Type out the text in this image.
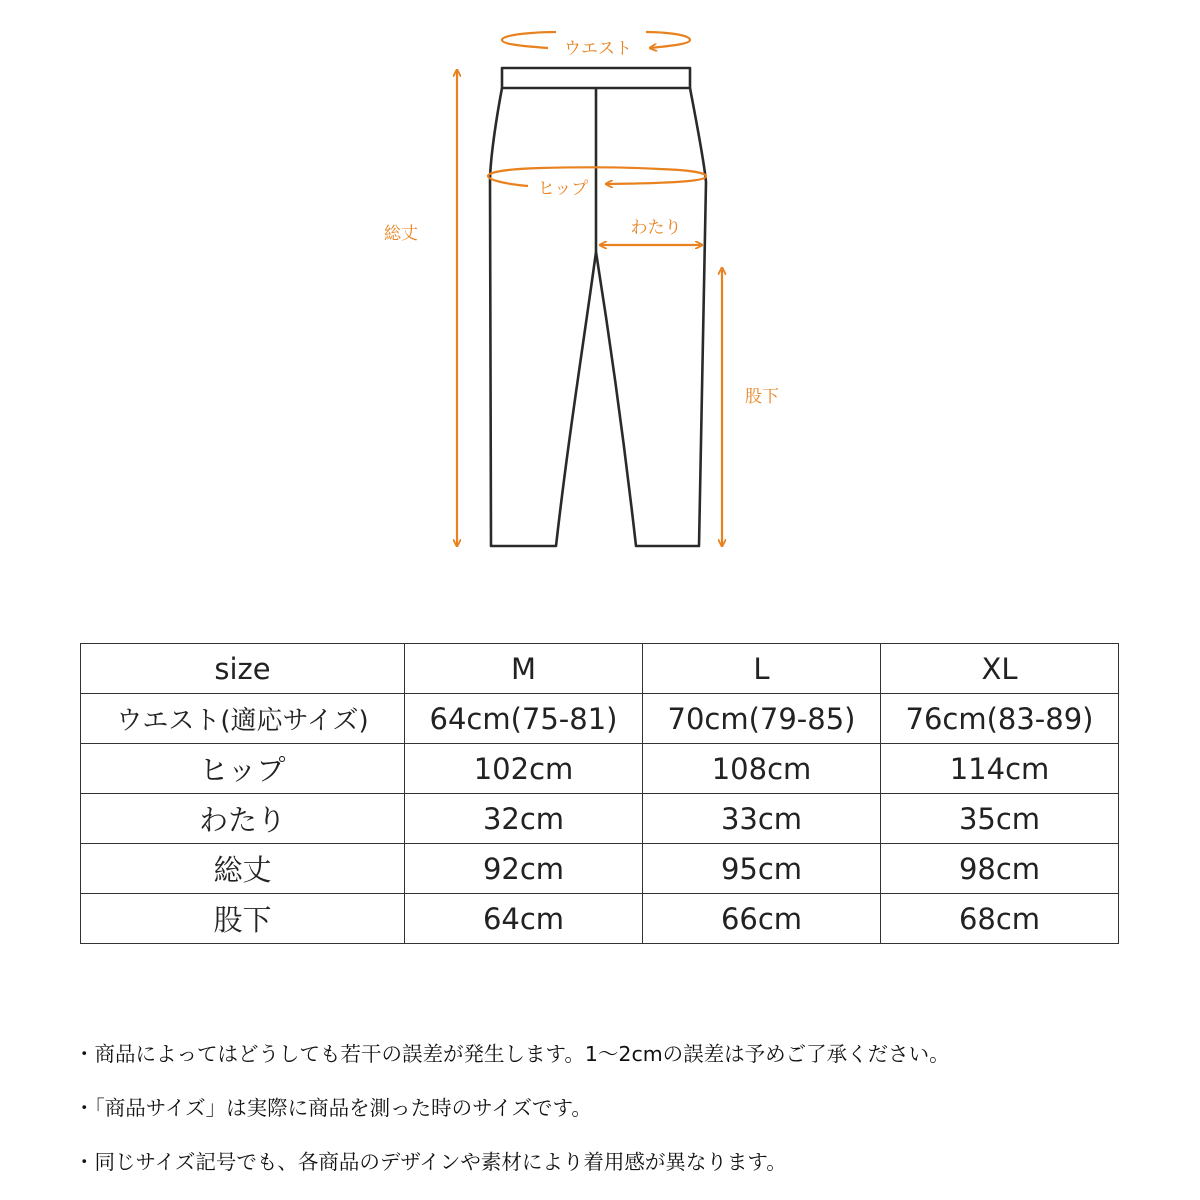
ウエスト
ヒップ
わたり
総丈
股下
size	M	L	XL
ウエスト(適応サイズ)	64cm(75-81)	70cm(79-85)	76cm(83-89)
ヒップ	102cm	108cm	114cm
わたり	32cm	33cm	35cm
総丈	92cm	95cm	98cm
股下	64cm	66cm	68cm
・商品によってはどうしても若干の誤差が発生します。1〜2cmの誤差は予めご了承ください。
・「商品サイズ」は実際に商品を測った時のサイズです。
・同じサイズ記号でも、各商品のデザインや素材により着用感が異なります。
